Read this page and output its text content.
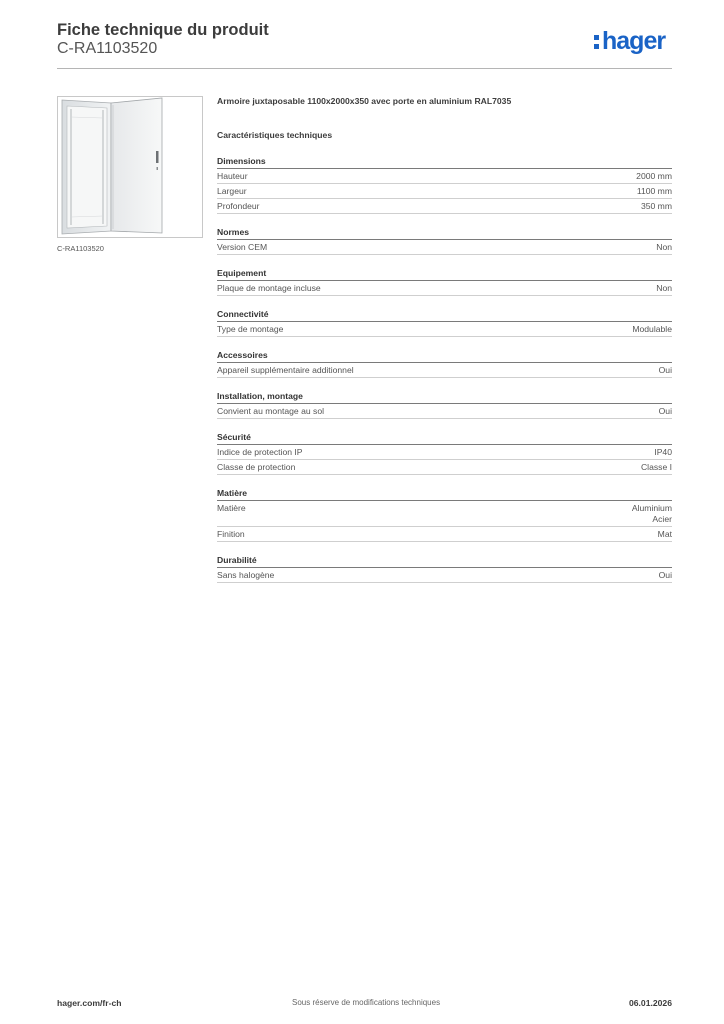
Fiche technique du produit
C-RA1103520	hager
C-RA1103520
Armoire juxtaposable 1100x2000x350 avec porte en aluminium RAL7035
Caractéristiques techniques
Dimensions
Hauteur	2000 mm
Largeur	1100 mm
Profondeur	350 mm
Normes
Version CEM	Non
Equipement
Plaque de montage incluse	Non
Connectivité
Type de montage	Modulable
Accessoires
Appareil supplémentaire additionnel	Oui
Installation, montage
Convient au montage au sol	Oui
Sécurité
Indice de protection IP	IP40
Classe de protection	Classe I
Matière
Matière	Aluminium
Acier
Finition	Mat
Durabilité
Sans halogène	Oui
hager.com/fr-ch	Sous réserve de modifications techniques	06.01.2026
